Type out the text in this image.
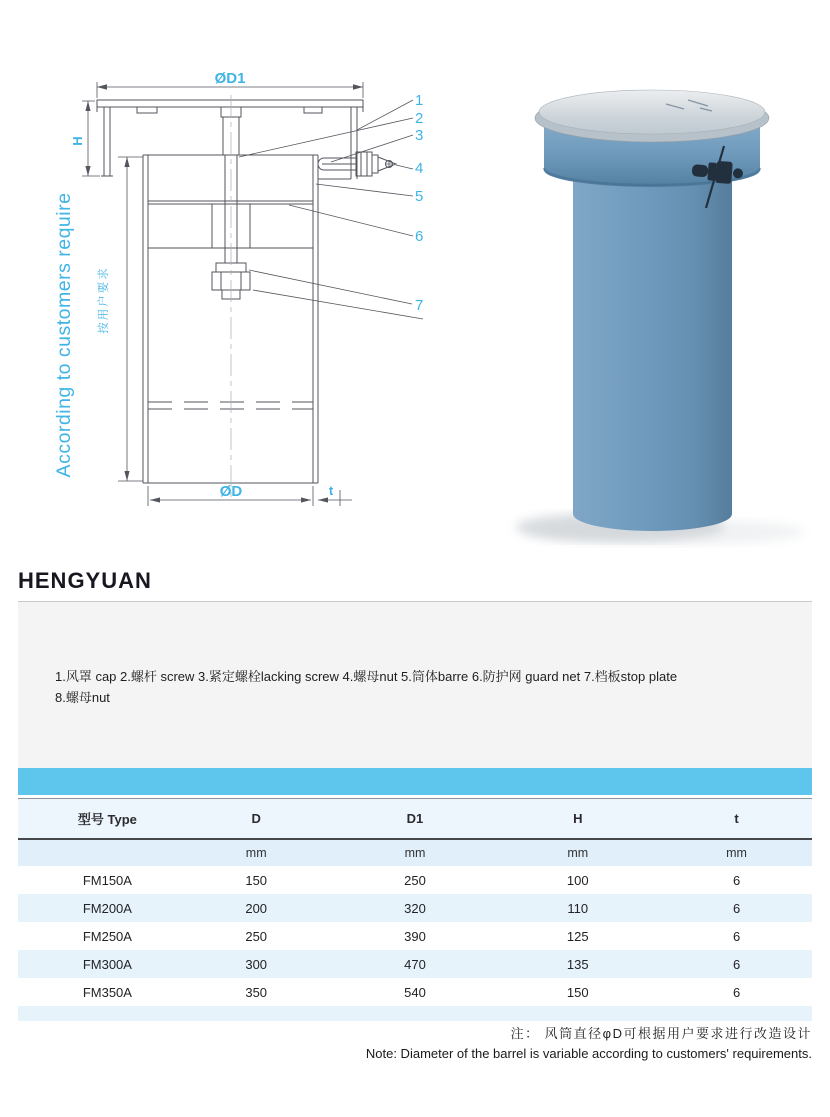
ØD1
H
ØD	t
According to customers require 按用户要求
1
2
3
4
5
6
7
HENGYUAN
1.风罩 cap 2.螺杆 screw 3.紧定螺栓lacking screw 4.螺母nut 5.筒体barre 6.防护网 guard net 7.档板stop plate
8.螺母nut
型号 Type	D	D1	H	t
	mm	mm	mm	mm
FM150A	150	250	100	6
FM200A	200	320	110	6
FM250A	250	390	125	6
FM300A	300	470	135	6
FM350A	350	540	150	6

注： 风筒直径φD可根据用户要求进行改造设计
Note: Diameter of the barrel is variable according to customers' requirements.
